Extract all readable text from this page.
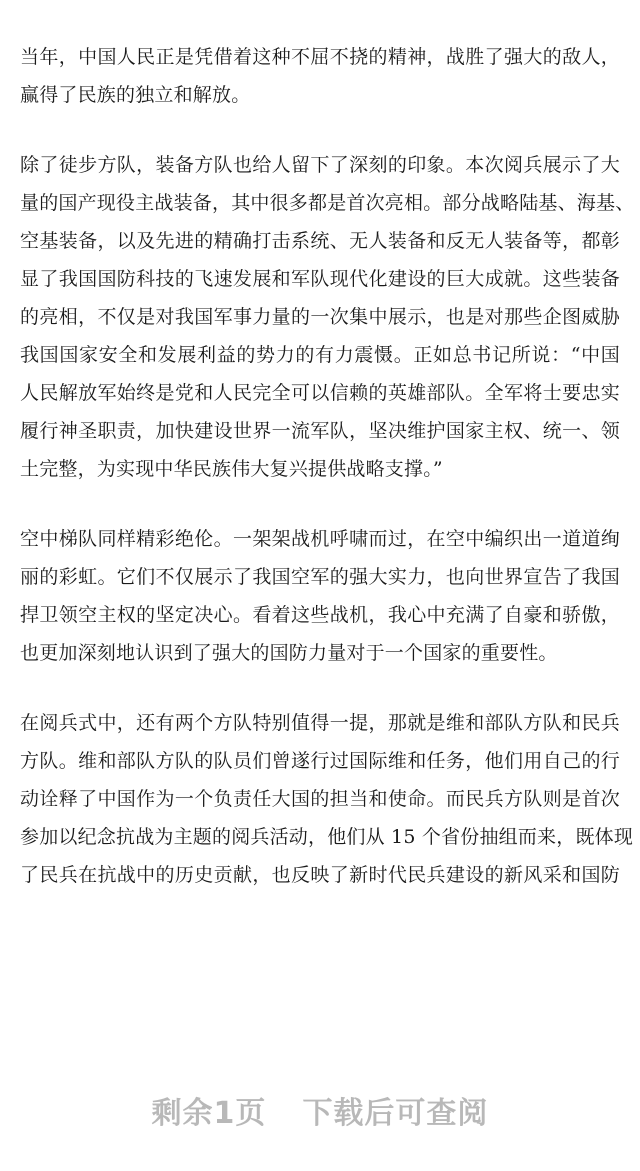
当年，中国人民正是凭借着这种不屈不挠的精神，战胜了强大的敌人，
赢得了民族的独立和解放。
除了徒步方队，装备方队也给人留下了深刻的印象。本次阅兵展示了大
量的国产现役主战装备，其中很多都是首次亮相。部分战略陆基、海基、
空基装备，以及先进的精确打击系统、无人装备和反无人装备等，都彰
显了我国国防科技的飞速发展和军队现代化建设的巨大成就。这些装备
的亮相，不仅是对我国军事力量的一次集中展示，也是对那些企图威胁
我国国家安全和发展利益的势力的有力震慑。正如总书记所说：“中国
人民解放军始终是党和人民完全可以信赖的英雄部队。全军将士要忠实
履行神圣职责，加快建设世界一流军队，坚决维护国家主权、统一、领
土完整，为实现中华民族伟大复兴提供战略支撑。”
空中梯队同样精彩绝伦。一架架战机呼啸而过，在空中编织出一道道绚
丽的彩虹。它们不仅展示了我国空军的强大实力，也向世界宣告了我国
捍卫领空主权的坚定决心。看着这些战机，我心中充满了自豪和骄傲，
也更加深刻地认识到了强大的国防力量对于一个国家的重要性。
在阅兵式中，还有两个方队特别值得一提，那就是维和部队方队和民兵
方队。维和部队方队的队员们曾遂行过国际维和任务，他们用自己的行
动诠释了中国作为一个负责任大国的担当和使命。而民兵方队则是首次
参加以纪念抗战为主题的阅兵活动，他们从 15 个省份抽组而来，既体现
了民兵在抗战中的历史贡献，也反映了新时代民兵建设的新风采和国防
剩余1页 下载后可查阅
